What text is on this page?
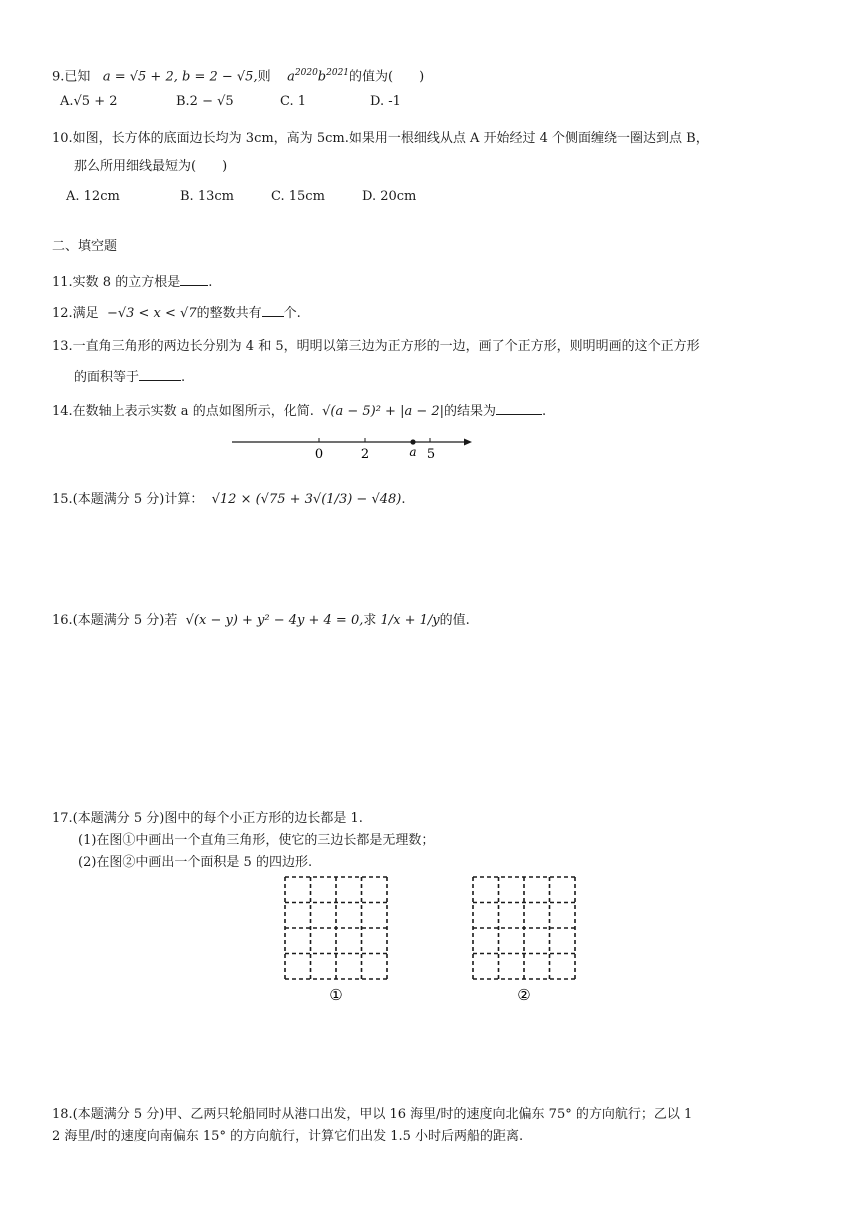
9.已知 a = √5 + 2, b = 2 − √5,则 $a^{2020}b^{2021}$的值为(　　)
A.√5 + 2	B.2 − √5	C. 1	D. -1
10.如图，长方体的底面边长均为 3cm，高为 5cm.如果用一根细线从点 A 开始经过 4 个侧面缠绕一圈达到点 B，
那么所用细线最短为(　　)
A. 12cm	B. 13cm	C. 15cm	D. 20cm
二、填空题
11.实数 8 的立方根是 .
12.满足 −√3 < x < √7的整数共有 个.
13.一直角三角形的两边长分别为 4 和 5，明明以第三边为正方形的一边，画了个正方形，则明明画的这个正方形
的面积等于	.
14.在数轴上表示实数 a 的点如图所示，化简. √(a − 5)² + |a − 2|的结果为	.
0	2	a 5
15.(本题满分 5 分)计算： √12 × (√75 + 3√(1/3) − √48).
16.(本题满分 5 分)若 √(x − y) + y² − 4y + 4 = 0,求 1/x + 1/y的值.
17.(本题满分 5 分)图中的每个小正方形的边长都是 1.
(1)在图①中画出一个直角三角形，使它的三边长都是无理数；
(2)在图②中画出一个面积是 5 的四边形.
①	②
18.(本题满分 5 分)甲、乙两只轮船同时从港口出发，甲以 16 海里/时的速度向北偏东 75° 的方向航行；乙以 1
2 海里/时的速度向南偏东 15° 的方向航行，计算它们出发 1.5 小时后两船的距离.
